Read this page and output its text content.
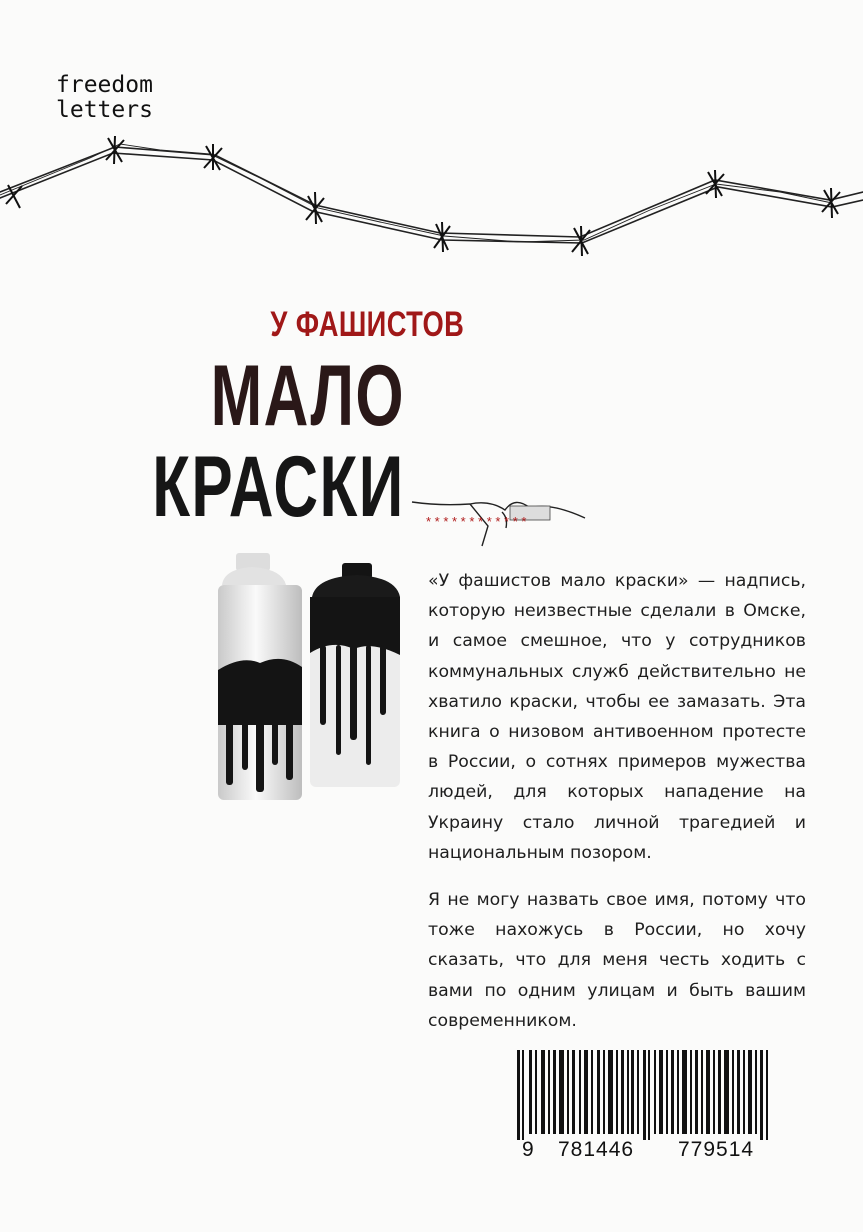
freedom
letters
У ФАШИСТОВ
МАЛО
КРАСКИ * * * * * * * * * * * *

«У фашистов мало краски» — надпись, которую неизвестные сделали в Омске, и самое смешное, что у сотрудников коммунальных служб действительно не хватило краски, чтобы ее замазать. Эта книга о низовом антивоенном протесте в России, о сотнях примеров мужества людей, для которых нападение на Украину стало личной трагедией и национальным позором.

Я не могу назвать свое имя, потому что тоже нахожусь в России, но хочу сказать, что для меня честь ходить с вами по одним улицам и быть вашим современником.

9 781446 779514
